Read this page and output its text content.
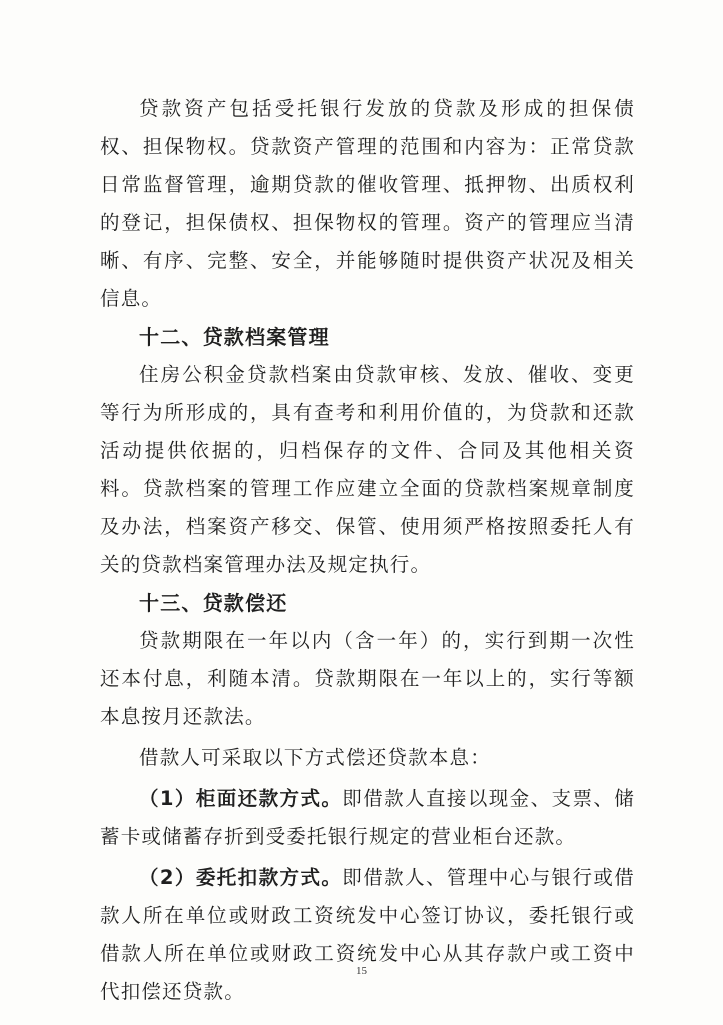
贷款资产包括受托银行发放的贷款及形成的担保债权、担保物权。贷款资产管理的范围和内容为：正常贷款日常监督管理，逾期贷款的催收管理、抵押物、出质权利的登记，担保债权、担保物权的管理。资产的管理应当清晰、有序、完整、安全，并能够随时提供资产状况及相关信息。

十二、贷款档案管理

住房公积金贷款档案由贷款审核、发放、催收、变更等行为所形成的，具有查考和利用价值的，为贷款和还款活动提供依据的，归档保存的文件、合同及其他相关资料。贷款档案的管理工作应建立全面的贷款档案规章制度及办法，档案资产移交、保管、使用须严格按照委托人有关的贷款档案管理办法及规定执行。

十三、贷款偿还

贷款期限在一年以内（含一年）的，实行到期一次性还本付息，利随本清。贷款期限在一年以上的，实行等额本息按月还款法。

借款人可采取以下方式偿还贷款本息：

（1）柜面还款方式。即借款人直接以现金、支票、储蓄卡或储蓄存折到受委托银行规定的营业柜台还款。

（2）委托扣款方式。即借款人、管理中心与银行或借款人所在单位或财政工资统发中心签订协议，委托银行或借款人所在单位或财政工资统发中心从其存款户或工资中代扣偿还贷款。

15
